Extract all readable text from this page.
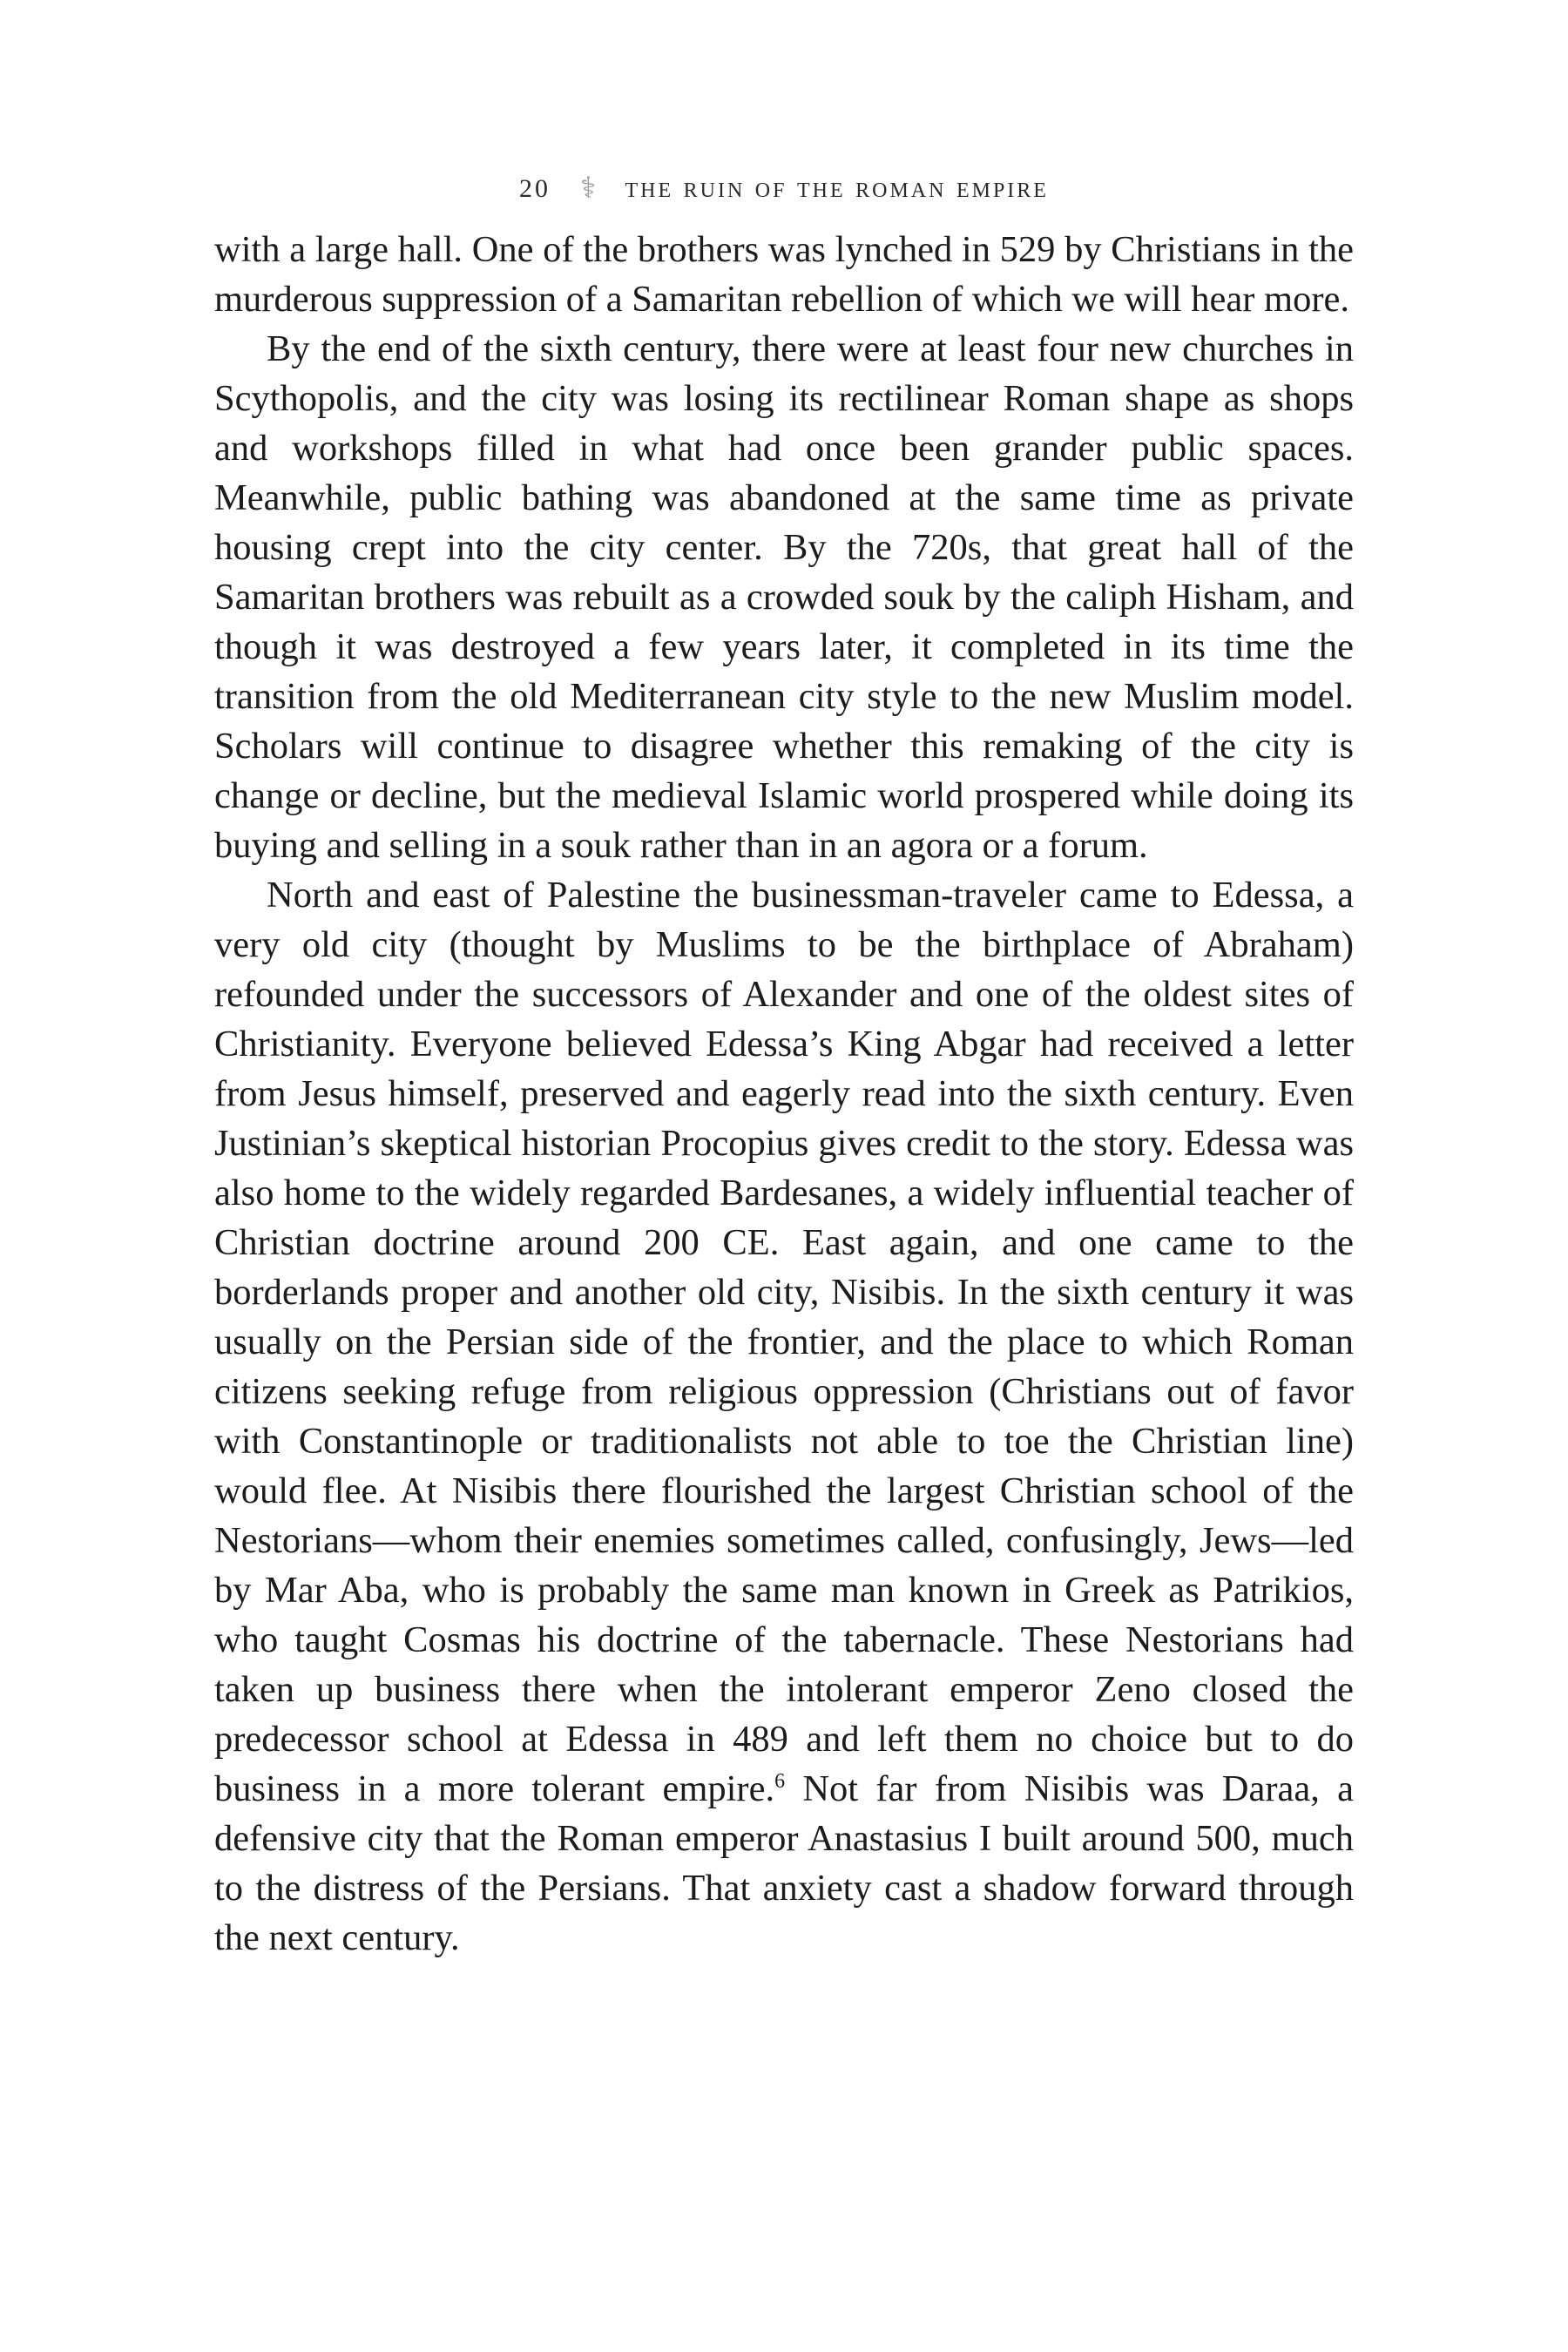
20 ⚕ the ruin of the roman empire

with a large hall. One of the brothers was lynched in 529 by Christians in the murderous suppression of a Samaritan rebellion of which we will hear more.

By the end of the sixth century, there were at least four new churches in Scythopolis, and the city was losing its rectilinear Roman shape as shops and workshops filled in what had once been grander public spaces. Meanwhile, public bathing was abandoned at the same time as private housing crept into the city center. By the 720s, that great hall of the Samaritan brothers was rebuilt as a crowded souk by the caliph Hisham, and though it was destroyed a few years later, it completed in its time the transition from the old Mediterranean city style to the new Muslim model. Scholars will continue to disagree whether this remaking of the city is change or decline, but the medieval Islamic world prospered while doing its buying and selling in a souk rather than in an agora or a forum.

North and east of Palestine the businessman-traveler came to Edessa, a very old city (thought by Muslims to be the birthplace of Abraham) refounded under the successors of Alexander and one of the oldest sites of Christianity. Everyone believed Edessa’s King Abgar had received a letter from Jesus himself, preserved and eagerly read into the sixth century. Even Justinian’s skeptical historian Procopius gives credit to the story. Edessa was also home to the widely regarded Bardesanes, a widely influential teacher of Christian doctrine around 200 CE. East again, and one came to the borderlands proper and another old city, Nisibis. In the sixth century it was usually on the Persian side of the frontier, and the place to which Roman citizens seeking refuge from religious oppression (Christians out of favor with Constantinople or traditionalists not able to toe the Christian line) would flee. At Nisibis there flourished the largest Christian school of the Nestorians—whom their enemies sometimes called, confusingly, Jews—led by Mar Aba, who is probably the same man known in Greek as Patrikios, who taught Cosmas his doctrine of the tabernacle. These Nestorians had taken up business there when the intolerant emperor Zeno closed the predecessor school at Edessa in 489 and left them no choice but to do business in a more tolerant empire.$^6$ Not far from Nisibis was Daraa, a defensive city that the Roman emperor Anastasius I built around 500, much to the distress of the Persians. That anxiety cast a shadow forward through the next century.
